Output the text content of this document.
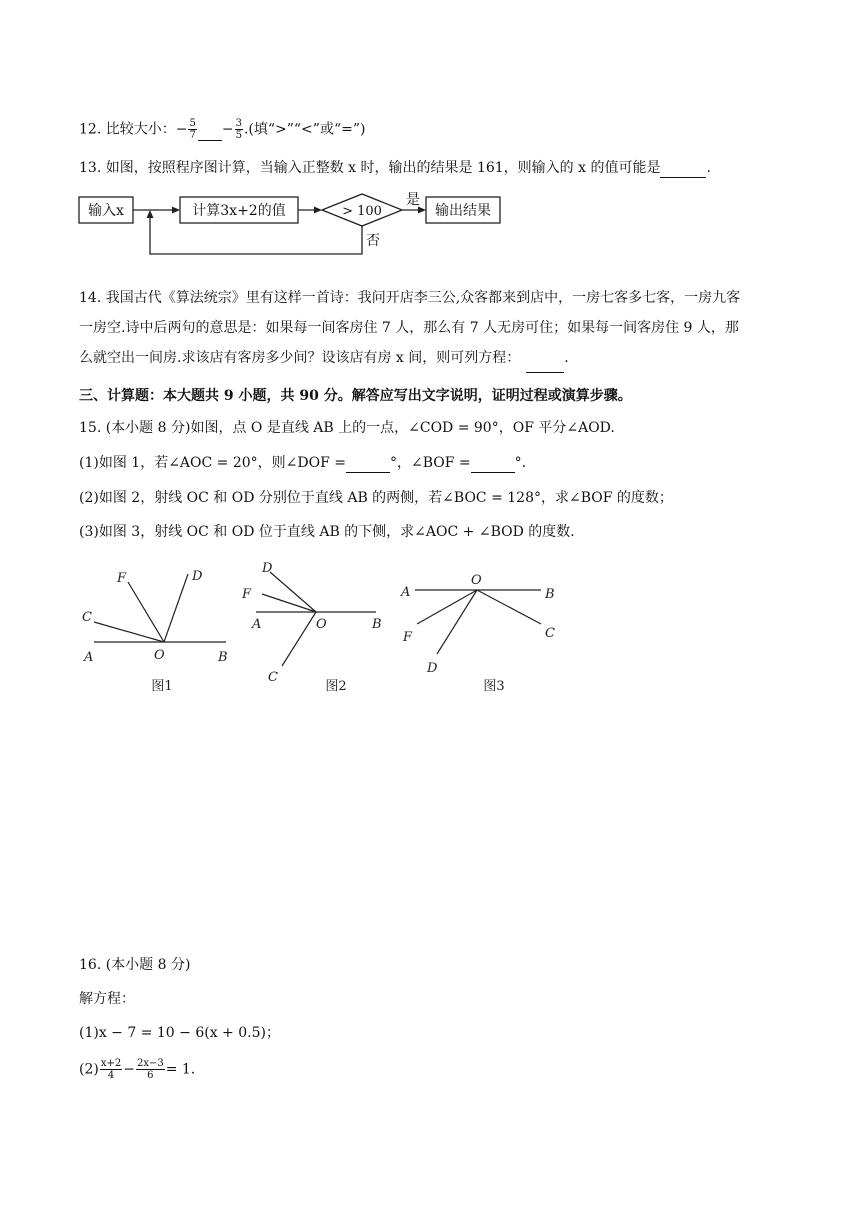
12. 比较大小：− $\frac{5}{7} - \frac{3}{5}$ .(填“>”“<”或“=”)
13. 如图，按照程序图计算，当输入正整数 x 时，输出的结果是 161，则输入的 x 的值可能是	.
输入x	计算3x+2的值	> 100
是
否
输出结果
14. 我国古代《算法统宗》里有这样一首诗：我问开店李三公,众客都来到店中，一房七客多七客，一房九客
一房空.诗中后两句的意思是：如果每一间客房住 7 人，那么有 7 人无房可住；如果每一间客房住 9 人，那
么就空出一间房.求该店有客房多少间？设该店有房 x 间，则可列方程：	.
三、计算题：本大题共 9 小题，共 90 分。解答应写出文字说明，证明过程或演算步骤。
15. (本小题 8 分)如图，点 O 是直线 AB 上的一点，∠COD = 90°，OF 平分∠AOD.
(1)如图 1，若∠AOC = 20°，则∠DOF =	°，∠BOF =	°.
(2)如图 2，射线 OC 和 OD 分别位于直线 AB 的两侧，若∠BOC = 128°，求∠BOF 的度数；
(3)如图 3，射线 OC 和 OD 位于直线 AB 的下侧，求∠AOC + ∠BOD 的度数.
A	B
C
D
F
O
图1
A	B
C
D
F
O
图2
A	B
C
D
F
O
图3
16. (本小题 8 分)
解方程：
(1)x − 7 = 10 − 6(x + 0.5)；
$(2) \frac{x+2}{4} - \frac{2x-3}{6} = 1$.
